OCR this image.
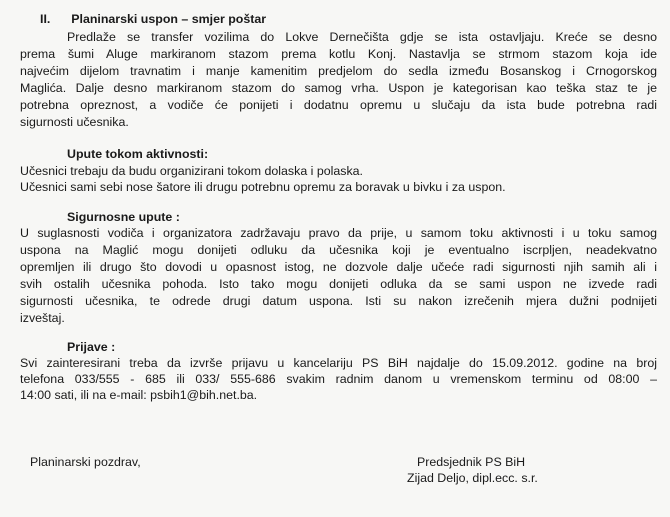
II. Planinarski uspon – smjer poštar
Predlaže se transfer vozilima do Lokve Dernečišta gdje se ista ostavljaju. Kreće se desno
prema šumi Aluge markiranom stazom prema kotlu Konj. Nastavlja se strmom stazom koja ide
najvećim dijelom travnatim i manje kamenitim predjelom do sedla između Bosanskog i Crnogorskog
Maglića. Dalje desno markiranom stazom do samog vrha. Uspon je kategorisan kao teška staz te je
potrebna opreznost, a vodiče će ponijeti i dodatnu opremu u slučaju da ista bude potrebna radi
sigurnosti učesnika.
Upute tokom aktivnosti:
Učesnici trebaju da budu organizirani tokom dolaska i polaska.
Učesnici sami sebi nose šatore ili drugu potrebnu opremu za boravak u bivku i za uspon.
Sigurnosne upute :
U suglasnosti vodiča i organizatora zadržavaju pravo da prije, u samom toku aktivnosti i u toku samog
uspona na Maglić mogu donijeti odluku da učesnika koji je eventualno iscrpljen, neadekvatno
opremljen ili drugo što dovodi u opasnost istog, ne dozvole dalje učeće radi sigurnosti njih samih ali i
svih ostalih učesnika pohoda. Isto tako mogu donijeti odluka da se sami uspon ne izvede radi
sigurnosti učesnika, te odrede drugi datum uspona. Isti su nakon izrečenih mjera dužni podnijeti
izveštaj.
Prijave :
Svi zainteresirani treba da izvrše prijavu u kancelariju PS BiH najdalje do 15.09.2012. godine na broj
telefona 033/555 - 685 ili 033/ 555-686 svakim radnim danom u vremenskom terminu od 08:00 –
14:00 sati, ili na e-mail: psbih1@bih.net.ba.
Planinarski pozdrav,	Predsjednik PS BiH
Zijad Deljo, dipl.ecc. s.r.
